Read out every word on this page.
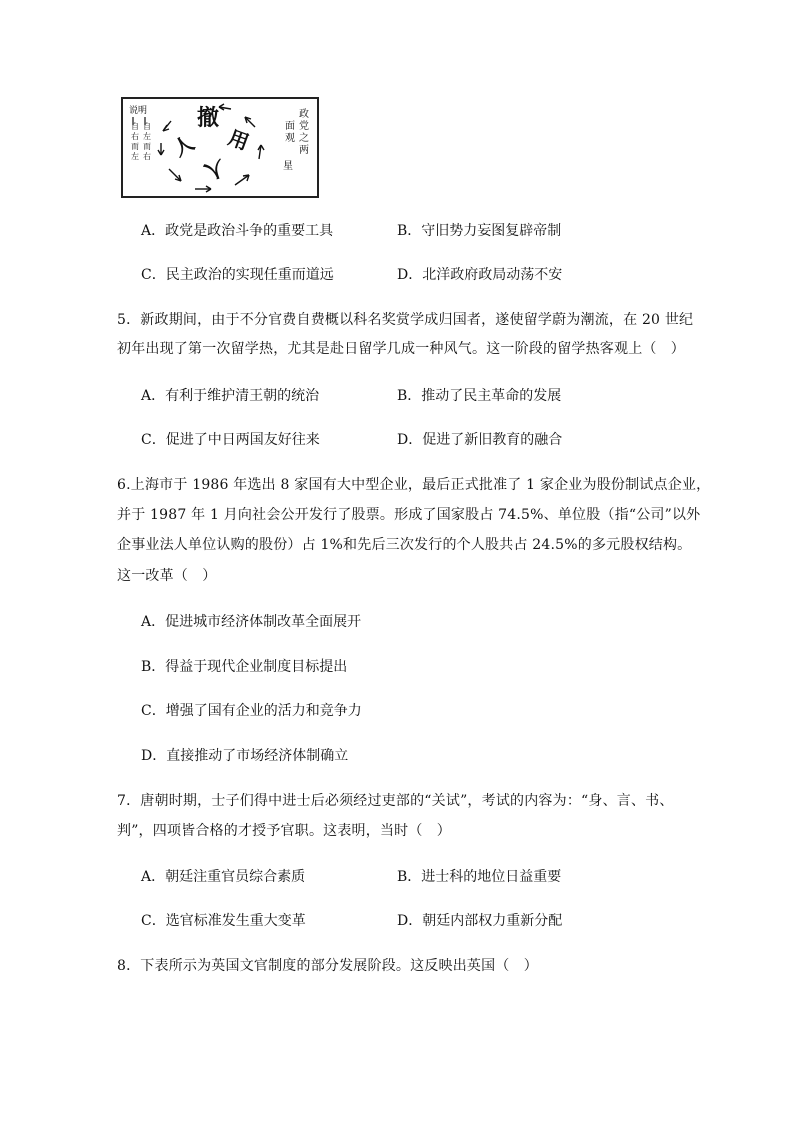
说明
自
右
而
左
自
左
而
右
撤
用
人
人
政
党
之
两
面
观
星
A．政党是政治斗争的重要工具	B．守旧势力妄图复辟帝制
C．民主政治的实现任重而道远	D．北洋政府政局动荡不安
5．新政期间，由于不分官费自费概以科名奖赏学成归国者，遂使留学蔚为潮流，在 20 世纪
初年出现了第一次留学热，尤其是赴日留学几成一种风气。这一阶段的留学热客观上（　）
A．有利于维护清王朝的统治	B．推动了民主革命的发展
C．促进了中日两国友好往来	D．促进了新旧教育的融合
6.上海市于 1986 年选出 8 家国有大中型企业，最后正式批准了 1 家企业为股份制试点企业，
并于 1987 年 1 月向社会公开发行了股票。形成了国家股占 74.5%、单位股（指“公司”以外
企事业法人单位认购的股份）占 1%和先后三次发行的个人股共占 24.5%的多元股权结构。
这一改革（　）
A．促进城市经济体制改革全面展开
B．得益于现代企业制度目标提出
C．增强了国有企业的活力和竞争力
D．直接推动了市场经济体制确立
7．唐朝时期，士子们得中进士后必须经过吏部的“关试”，考试的内容为：“身、言、书、
判”，四项皆合格的才授予官职。这表明，当时（　）
A．朝廷注重官员综合素质	B．进士科的地位日益重要
C．选官标准发生重大变革	D．朝廷内部权力重新分配
8．下表所示为英国文官制度的部分发展阶段。这反映出英国（　）
